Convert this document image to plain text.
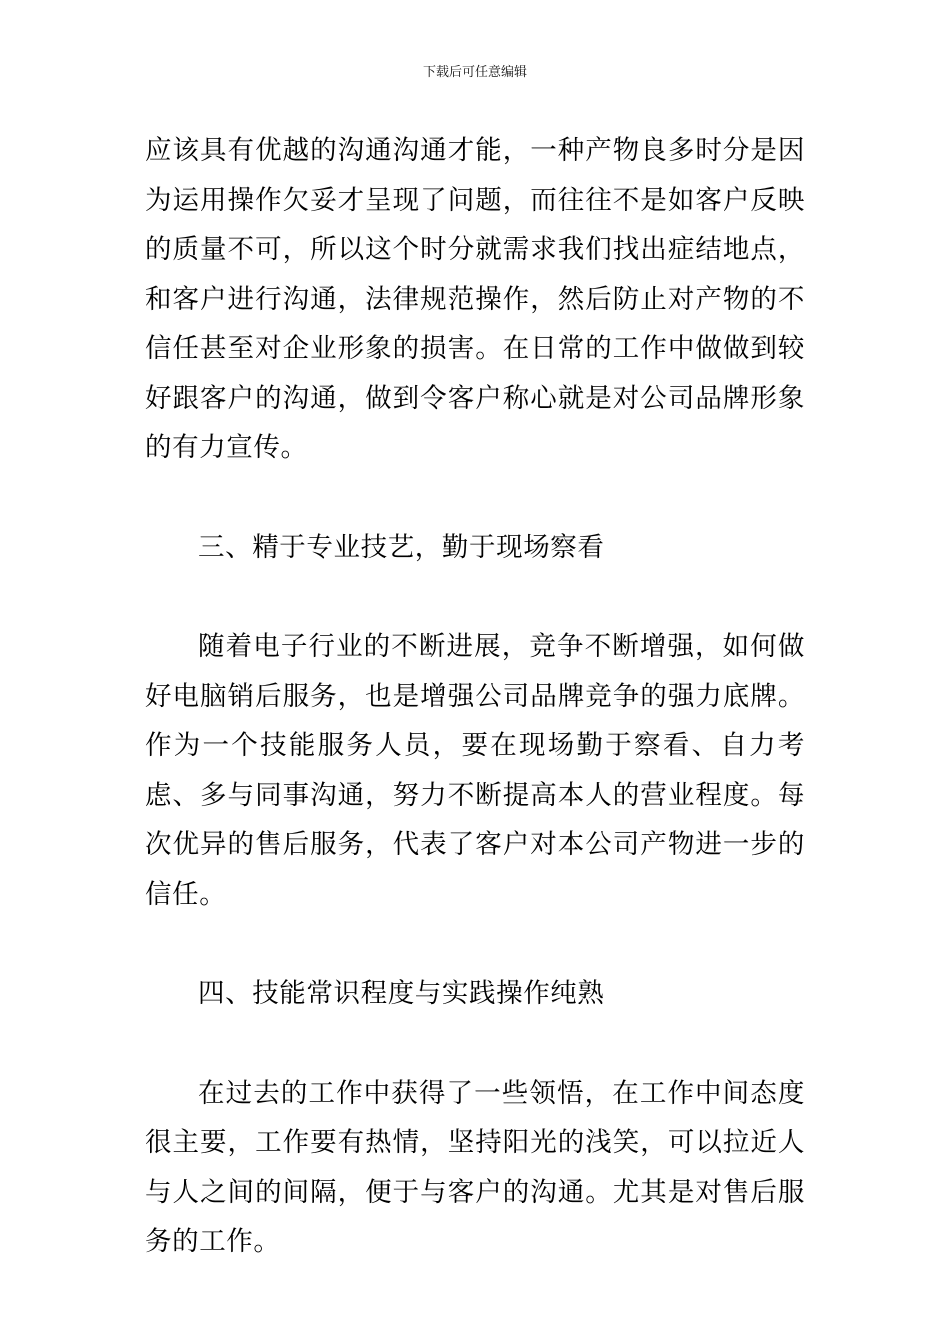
下载后可任意编辑

应该具有优越的沟通沟通才能，一种产物良多时分是因为运用操作欠妥才呈现了问题，而往往不是如客户反映的质量不可，所以这个时分就需求我们找出症结地点，和客户进行沟通，法律规范操作，然后防止对产物的不信任甚至对企业形象的损害。在日常的工作中做做到较好跟客户的沟通，做到令客户称心就是对公司品牌形象的有力宣传。

三、精于专业技艺，勤于现场察看

随着电子行业的不断进展，竞争不断增强，如何做好电脑销后服务，也是增强公司品牌竞争的强力底牌。作为一个技能服务人员，要在现场勤于察看、自力考虑、多与同事沟通，努力不断提高本人的营业程度。每次优异的售后服务，代表了客户对本公司产物进一步的信任。

四、技能常识程度与实践操作纯熟

在过去的工作中获得了一些领悟，在工作中间态度很主要，工作要有热情，坚持阳光的浅笑，可以拉近人与人之间的间隔，便于与客户的沟通。尤其是对售后服务的工作。
